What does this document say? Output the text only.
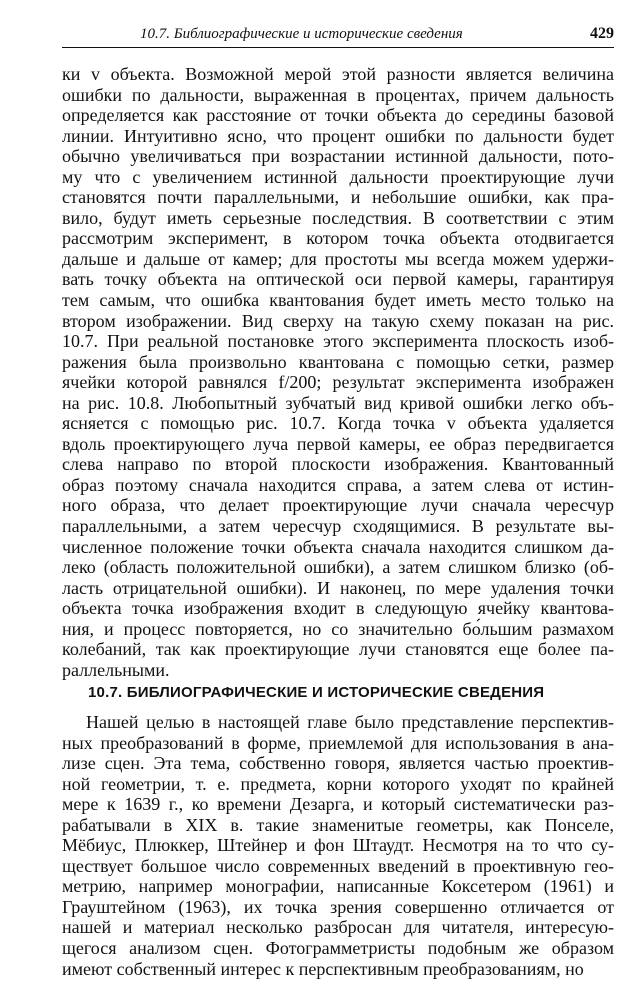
10.7. Библиографические и исторические сведения	429
ки v объекта. Возможной мерой этой разности является величина
ошибки по дальности, выраженная в процентах, причем дальность
определяется как расстояние от точки объекта до середины базовой
линии. Интуитивно ясно, что процент ошибки по дальности будет
обычно увеличиваться при возрастании истинной дальности, пото-
му что с увеличением истинной дальности проектирующие лучи
становятся почти параллельными, и небольшие ошибки, как пра-
вило, будут иметь серьезные последствия. В соответствии с этим
рассмотрим эксперимент, в котором точка объекта отодвигается
дальше и дальше от камер; для простоты мы всегда можем удержи-
вать точку объекта на оптической оси первой камеры, гарантируя
тем самым, что ошибка квантования будет иметь место только на
втором изображении. Вид сверху на такую схему показан на рис.
10.7. При реальной постановке этого эксперимента плоскость изоб-
ражения была произвольно квантована с помощью сетки, размер
ячейки которой равнялся f/200; результат эксперимента изображен
на рис. 10.8. Любопытный зубчатый вид кривой ошибки легко объ-
ясняется с помощью рис. 10.7. Когда точка v объекта удаляется
вдоль проектирующего луча первой камеры, ее образ передвигается
слева направо по второй плоскости изображения. Квантованный
образ поэтому сначала находится справа, а затем слева от истин-
ного образа, что делает проектирующие лучи сначала чересчур
параллельными, а затем чересчур сходящимися. В результате вы-
численное положение точки объекта сначала находится слишком да-
леко (область положительной ошибки), а затем слишком близко (об-
ласть отрицательной ошибки). И наконец, по мере удаления точки
объекта точка изображения входит в следующую ячейку квантова-
ния, и процесс повторяется, но со значительно бо́льшим размахом
колебаний, так как проектирующие лучи становятся еще более па-
раллельными.
10.7. БИБЛИОГРАФИЧЕСКИЕ И ИСТОРИЧЕСКИЕ СВЕДЕНИЯ
Нашей целью в настоящей главе было представление перспектив-
ных преобразований в форме, приемлемой для использования в ана-
лизе сцен. Эта тема, собственно говоря, является частью проектив-
ной геометрии, т. е. предмета, корни которого уходят по крайней
мере к 1639 г., ко времени Дезарга, и который систематически раз-
рабатывали в XIX в. такие знаменитые геометры, как Понселе,
Мёбиус, Плюккер, Штейнер и фон Штаудт. Несмотря на то что су-
ществует большое число современных введений в проективную гео-
метрию, например монографии, написанные Коксетером (1961) и
Грауштейном (1963), их точка зрения совершенно отличается от
нашей и материал несколько разбросан для читателя, интересую-
щегося анализом сцен. Фотограмметристы подобным же образом
имеют собственный интерес к перспективным преобразованиям, но
